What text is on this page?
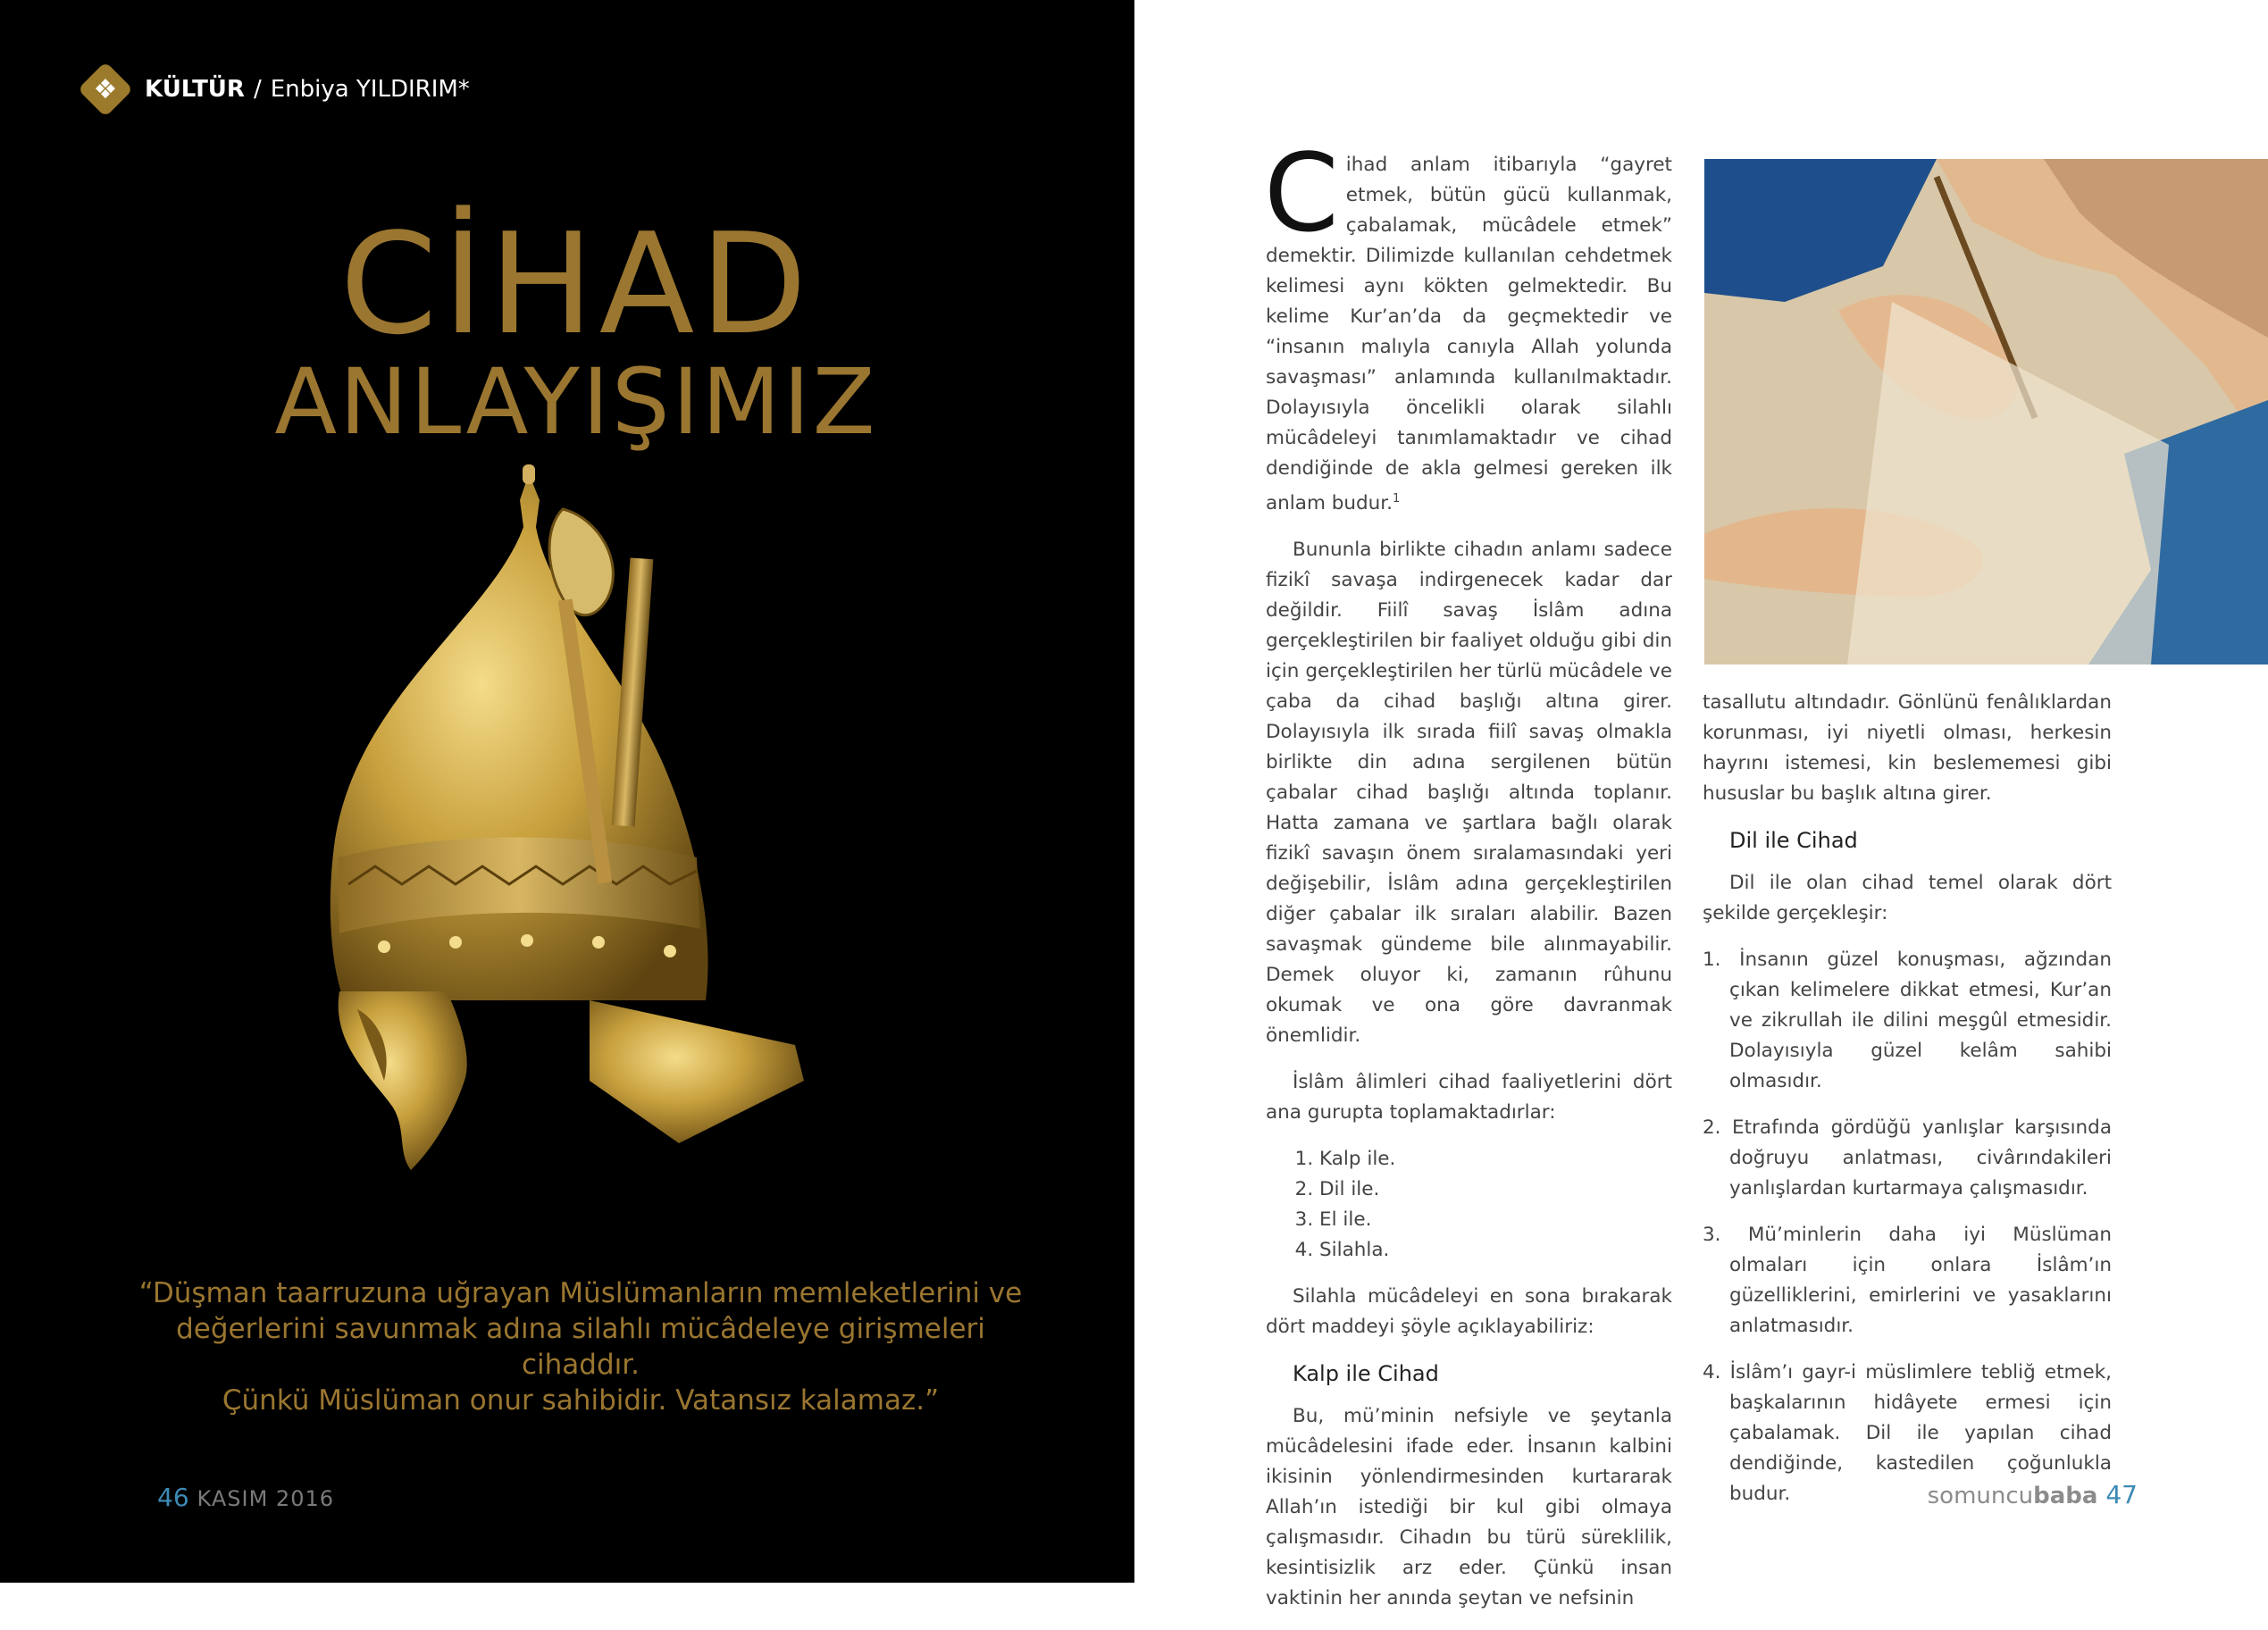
❖	KÜLTÜR / Enbiya YILDIRIM*
CİHAD
ANLAYIŞIMIZ
“Düşman taarruzuna uğrayan Müslümanların memleketlerini ve
değerlerini savunmak adına silahlı mücâdeleye girişmeleri cihaddır.
Çünkü Müslüman onur sahibidir. Vatansız kalamaz.”
46 KASIM 2016

Cihad anlam itibarıyla “gayret etmek, bütün gücü kullanmak, çabalamak, mücâdele etmek” demektir. Dilimizde kullanılan cehdetmek kelimesi aynı kökten gelmektedir. Bu kelime Kur’an’da da geçmektedir ve “insanın malıyla canıyla Allah yolunda savaşması” anlamında kullanılmaktadır. Dolayısıyla öncelikli olarak silahlı mücâdeleyi tanımlamaktadır ve cihad dendiğinde de akla gelmesi gereken ilk anlam budur.$^1$

Bununla birlikte cihadın anlamı sadece fizikî savaşa indirgenecek kadar dar değildir. Fiilî savaş İslâm adına gerçekleştirilen bir faaliyet olduğu gibi din için gerçekleştirilen her türlü mücâdele ve çaba da cihad başlığı altına girer. Dolayısıyla ilk sırada fiilî savaş olmakla birlikte din adına sergilenen bütün çabalar cihad başlığı altında toplanır. Hatta zamana ve şartlara bağlı olarak fizikî savaşın önem sıralamasındaki yeri değişebilir, İslâm adına gerçekleştirilen diğer çabalar ilk sıraları alabilir. Bazen savaşmak gündeme bile alınmayabilir. Demek oluyor ki, zamanın rûhunu okumak ve ona göre davranmak önemlidir.

İslâm âlimleri cihad faaliyetlerini dört ana gurupta toplamaktadırlar:

1. Kalp ile.
2. Dil ile.
3. El ile.
4. Silahla.

Silahla mücâdeleyi en sona bırakarak dört maddeyi şöyle açıklayabiliriz:

Kalp ile Cihad

Bu, mü’minin nefsiyle ve şeytanla mücâdelesini ifade eder. İnsanın kalbini ikisinin yönlendirmesinden kurtararak Allah’ın istediği bir kul gibi olmaya çalışmasıdır. Cihadın bu türü süreklilik, kesintisizlik arz eder. Çünkü insan vaktinin her anında şeytan ve nefsinin

tasallutu altındadır. Gönlünü fenâlıklardan korunması, iyi niyetli olması, herkesin hayrını istemesi, kin beslememesi gibi hususlar bu başlık altına girer.

Dil ile Cihad

Dil ile olan cihad temel olarak dört şekilde gerçekleşir:

1. İnsanın güzel konuşması, ağzından çıkan kelimelere dikkat etmesi, Kur’an ve zikrullah ile dilini meşgûl etmesidir. Dolayısıyla güzel kelâm sahibi olmasıdır.
2. Etrafında gördüğü yanlışlar karşısında doğruyu anlatması, civârındakileri yanlışlardan kurtarmaya çalışmasıdır.
3. Mü’minlerin daha iyi Müslüman olmaları için onlara İslâm’ın güzelliklerini, emirlerini ve yasaklarını anlatmasıdır.
4. İslâm’ı gayr-i müslimlere tebliğ etmek, başkalarının hidâyete ermesi için çabalamak. Dil ile yapılan cihad dendiğinde, kastedilen çoğunlukla budur.	somuncubaba 47
